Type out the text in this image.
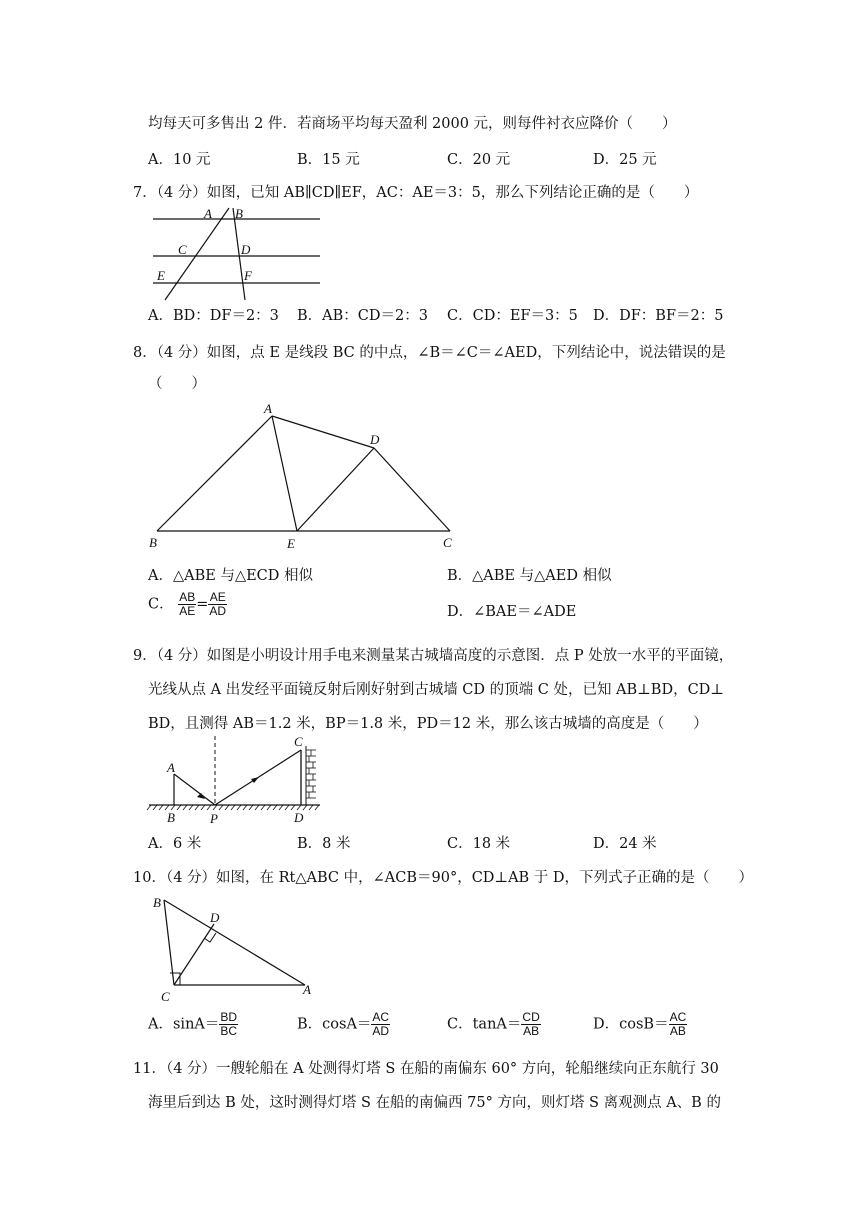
均每天可多售出 2 件．若商场平均每天盈利 2000 元，则每件衬衣应降价（　　）
A．10 元	B．15 元	C．20 元	D．25 元
7．（4 分）如图，已知 AB∥CD∥EF，AC：AE＝3：5，那么下列结论正确的是（　　）
A B
C	D
E	F
A．BD：DF＝2：3 B．AB：CD＝2：3 C．CD：EF＝3：5 D．DF：BF＝2：5
8．（4 分）如图，点 E 是线段 BC 的中点，∠B＝∠C＝∠AED，下列结论中，说法错误的是
（　　）
A
B	E	C
D
A．△ABE 与△ECD 相似	B．△ABE 与△AED 相似
C． $\frac{AB}{AE} = \frac{AE}{AD}$	D．∠BAE＝∠ADE
9．（4 分）如图是小明设计用手电来测量某古城墙高度的示意图．点 P 处放一水平的平面镜，
光线从点 A 出发经平面镜反射后刚好射到古城墙 CD 的顶端 C 处，已知 AB⊥BD，CD⊥
BD，且测得 AB＝1.2 米，BP＝1.8 米，PD＝12 米，那么该古城墙的高度是（　　）
A
B	P
C
D
A．6 米	B．8 米	C．18 米	D．24 米
10．（4 分）如图，在 Rt△ABC 中，∠ACB＝90°，CD⊥AB 于 D，下列式子正确的是（　　）
B
D
C	A
A．$\sin A= \frac{BD}{BC}$	B．$\cos A= \frac{AC}{AD}$	C．$\tan A= \frac{CD}{AB}$	D．$\cos B= \frac{AC}{AB}$
11．（4 分）一艘轮船在 A 处测得灯塔 S 在船的南偏东 60° 方向，轮船继续向正东航行 30
海里后到达 B 处，这时测得灯塔 S 在船的南偏西 75° 方向，则灯塔 S 离观测点 A、B 的
